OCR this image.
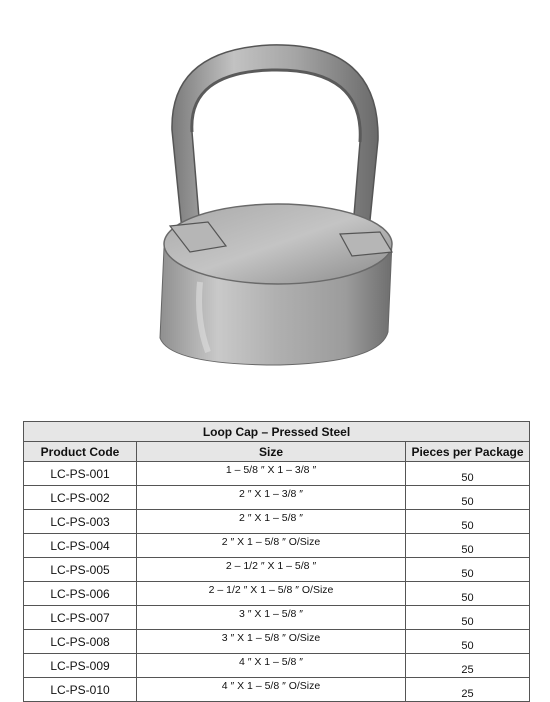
Loop Cap – Pressed Steel		
Product Code	Size	Pieces per Package
LC-PS-001	1 – 5/8 ″ X 1 – 3/8 ″	50
LC-PS-002	2 ″ X 1 – 3/8 ″	50
LC-PS-003	2 ″ X 1 – 5/8 ″	50
LC-PS-004	2 ″ X 1 – 5/8 ″ O/Size	50
LC-PS-005	2 – 1/2 ″ X 1 – 5/8 ″	50
LC-PS-006	2 – 1/2 ″ X 1 – 5/8 ″ O/Size	50
LC-PS-007	3 ″ X 1 – 5/8 ″	50
LC-PS-008	3 ″ X 1 – 5/8 ″ O/Size	50
LC-PS-009	4 ″ X 1 – 5/8 ″	25
LC-PS-010	4 ″ X 1 – 5/8 ″ O/Size	25
